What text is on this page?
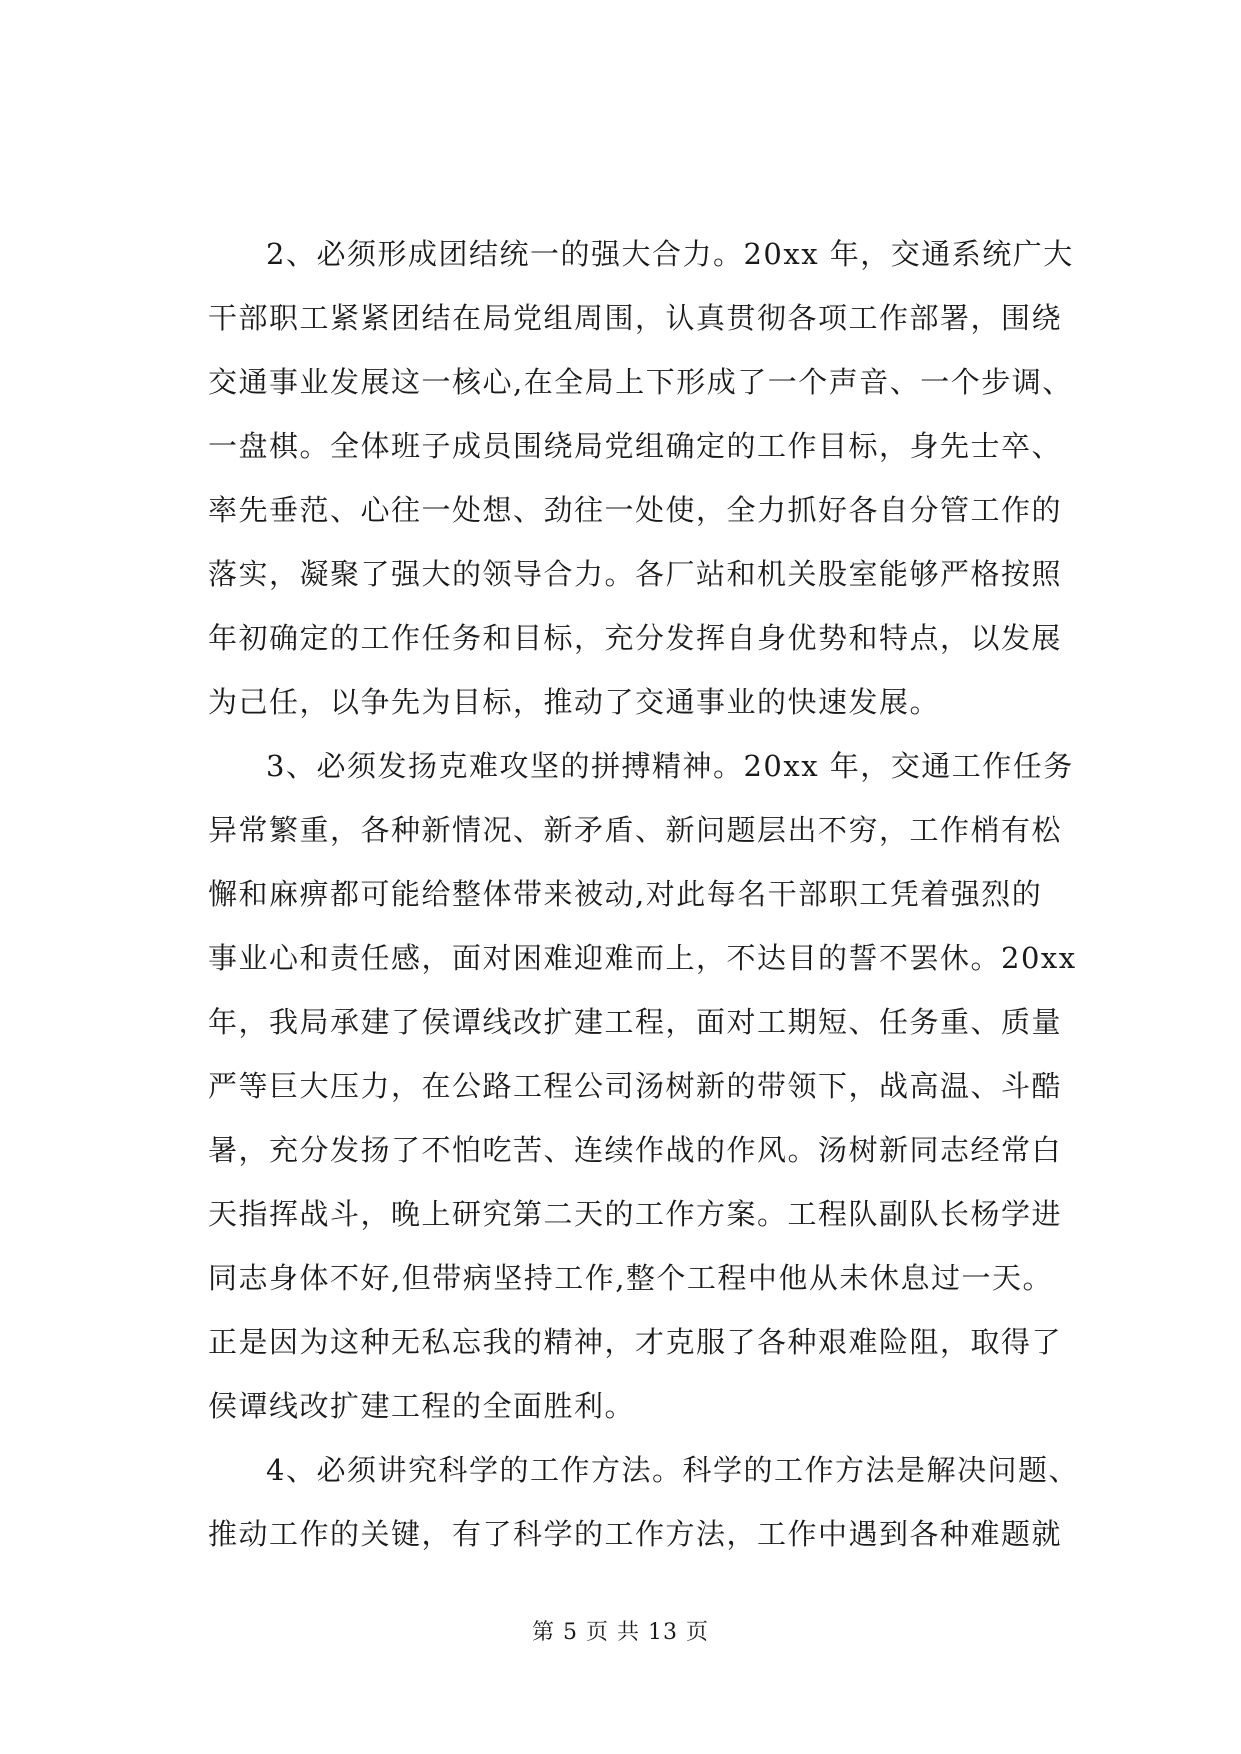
2、必须形成团结统一的强大合力。20xx 年，交通系统广大
干部职工紧紧团结在局党组周围，认真贯彻各项工作部署，围绕
交通事业发展这一核心,在全局上下形成了一个声音、一个步调、
一盘棋。全体班子成员围绕局党组确定的工作目标，身先士卒、
率先垂范、心往一处想、劲往一处使，全力抓好各自分管工作的
落实，凝聚了强大的领导合力。各厂站和机关股室能够严格按照
年初确定的工作任务和目标，充分发挥自身优势和特点，以发展
为己任，以争先为目标，推动了交通事业的快速发展。
3、必须发扬克难攻坚的拼搏精神。20xx 年，交通工作任务
异常繁重，各种新情况、新矛盾、新问题层出不穷，工作梢有松
懈和麻痹都可能给整体带来被动,对此每名干部职工凭着强烈的
事业心和责任感，面对困难迎难而上，不达目的誓不罢休。20xx
年，我局承建了侯谭线改扩建工程，面对工期短、任务重、质量
严等巨大压力，在公路工程公司汤树新的带领下，战高温、斗酷
暑，充分发扬了不怕吃苦、连续作战的作风。汤树新同志经常白
天指挥战斗，晚上研究第二天的工作方案。工程队副队长杨学进
同志身体不好,但带病坚持工作,整个工程中他从未休息过一天。
正是因为这种无私忘我的精神，才克服了各种艰难险阻，取得了
侯谭线改扩建工程的全面胜利。
4、必须讲究科学的工作方法。科学的工作方法是解决问题、
推动工作的关键，有了科学的工作方法，工作中遇到各种难题就
第 5 页 共 13 页
